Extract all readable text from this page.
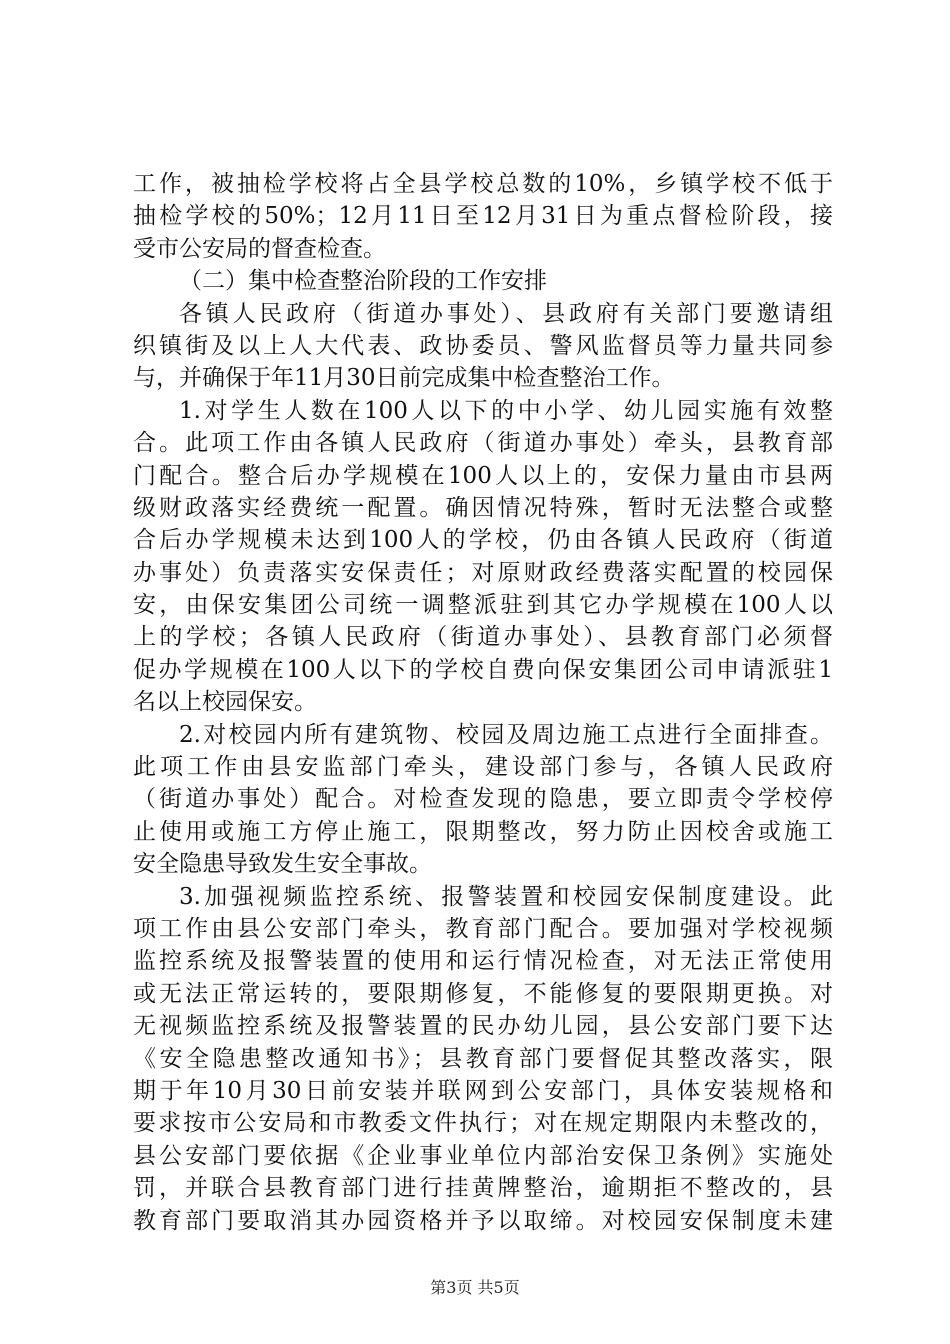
工作，被抽检学校将占全县学校总数的10%，乡镇学校不低于
抽检学校的50%；12月11日至12月31日为重点督检阶段，接
受市公安局的督查检查。
（二）集中检查整治阶段的工作安排
各镇人民政府（街道办事处）、县政府有关部门要邀请组
织镇街及以上人大代表、政协委员、警风监督员等力量共同参
与，并确保于年11月30日前完成集中检查整治工作。
1.对学生人数在100人以下的中小学、幼儿园实施有效整
合。此项工作由各镇人民政府（街道办事处）牵头，县教育部
门配合。整合后办学规模在100人以上的，安保力量由市县两
级财政落实经费统一配置。确因情况特殊，暂时无法整合或整
合后办学规模未达到100人的学校，仍由各镇人民政府（街道
办事处）负责落实安保责任；对原财政经费落实配置的校园保
安，由保安集团公司统一调整派驻到其它办学规模在100人以
上的学校；各镇人民政府（街道办事处）、县教育部门必须督
促办学规模在100人以下的学校自费向保安集团公司申请派驻1
名以上校园保安。
2.对校园内所有建筑物、校园及周边施工点进行全面排查。
此项工作由县安监部门牵头，建设部门参与，各镇人民政府
（街道办事处）配合。对检查发现的隐患，要立即责令学校停
止使用或施工方停止施工，限期整改，努力防止因校舍或施工
安全隐患导致发生安全事故。
3.加强视频监控系统、报警装置和校园安保制度建设。此
项工作由县公安部门牵头，教育部门配合。要加强对学校视频
监控系统及报警装置的使用和运行情况检查，对无法正常使用
或无法正常运转的，要限期修复，不能修复的要限期更换。对
无视频监控系统及报警装置的民办幼儿园，县公安部门要下达
《安全隐患整改通知书》；县教育部门要督促其整改落实，限
期于年10月30日前安装并联网到公安部门，具体安装规格和
要求按市公安局和市教委文件执行；对在规定期限内未整改的，
县公安部门要依据《企业事业单位内部治安保卫条例》实施处
罚，并联合县教育部门进行挂黄牌整治，逾期拒不整改的，县
教育部门要取消其办园资格并予以取缔。对校园安保制度未建
第3页 共5页
